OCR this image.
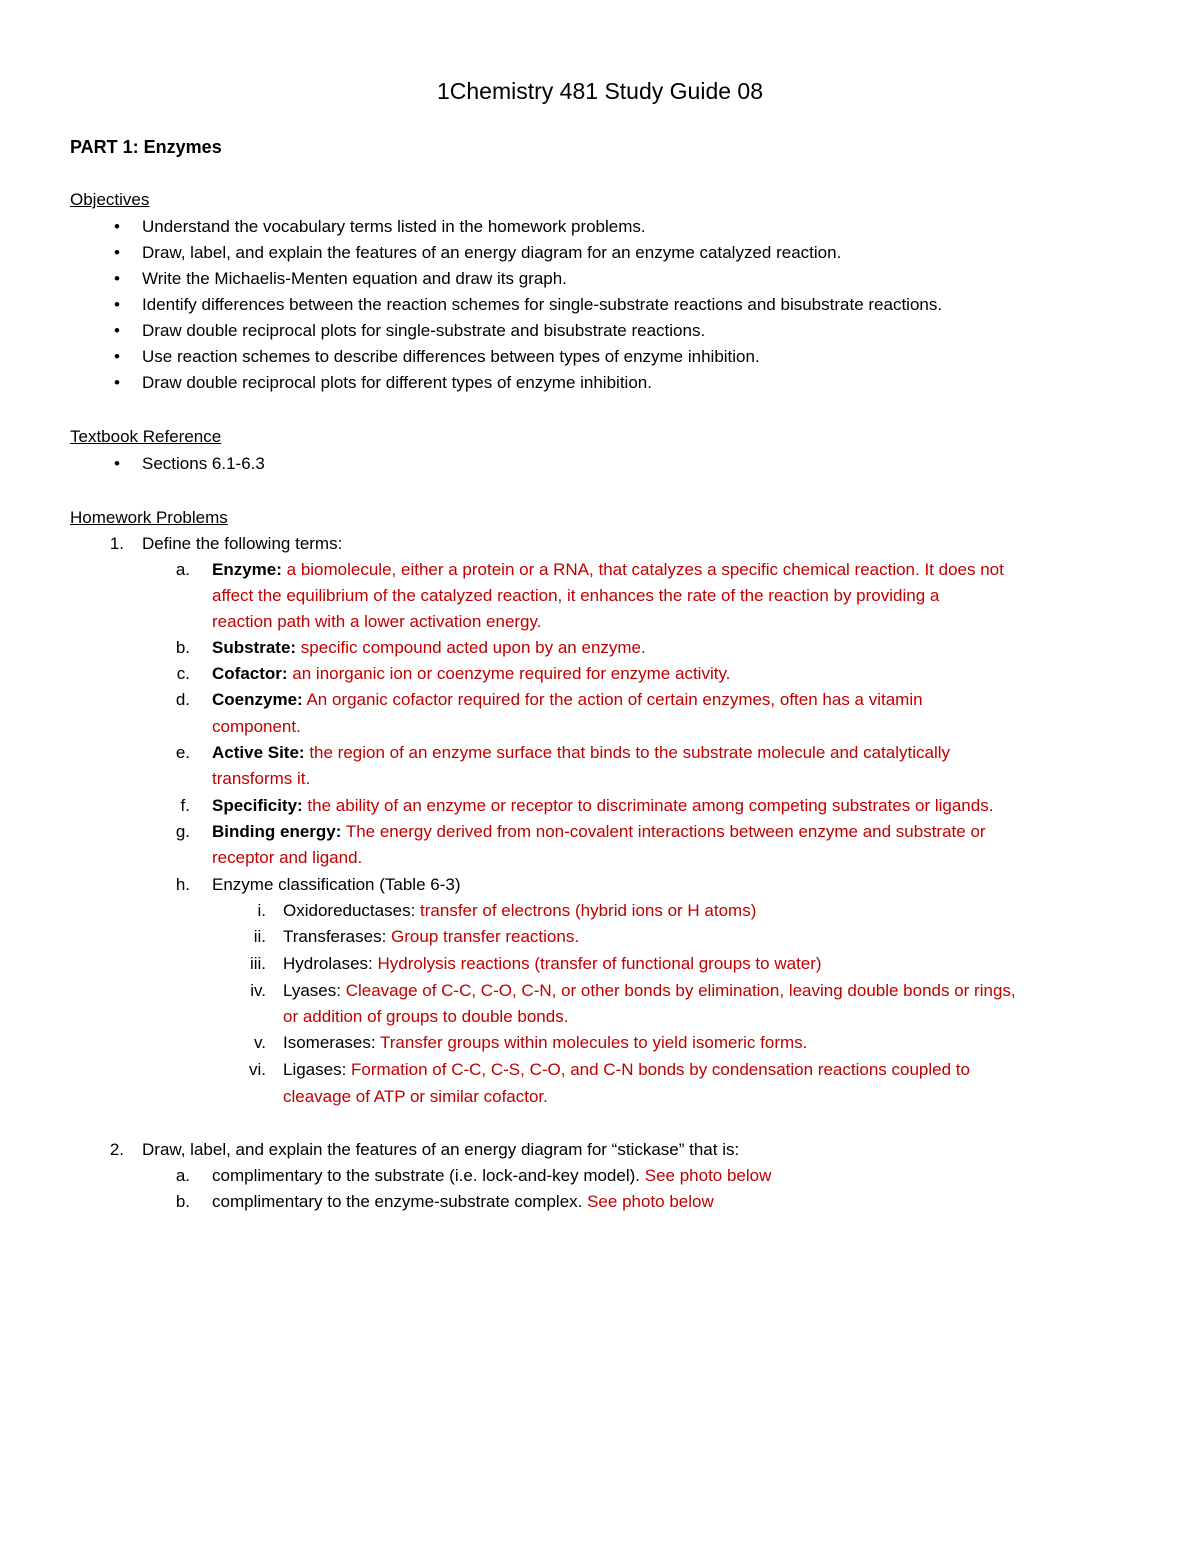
1Chemistry 481 Study Guide 08
PART 1: Enzymes
Objectives
• Understand the vocabulary terms listed in the homework problems.
• Draw, label, and explain the features of an energy diagram for an enzyme catalyzed reaction.
• Write the Michaelis-Menten equation and draw its graph.
• Identify differences between the reaction schemes for single-substrate reactions and bisubstrate reactions.
• Draw double reciprocal plots for single-substrate and bisubstrate reactions.
• Use reaction schemes to describe differences between types of enzyme inhibition.
• Draw double reciprocal plots for different types of enzyme inhibition.
Textbook Reference
• Sections 6.1-6.3
Homework Problems
1. Define the following terms:
a. Enzyme: a biomolecule, either a protein or a RNA, that catalyzes a specific chemical reaction. It does not
affect the equilibrium of the catalyzed reaction, it enhances the rate of the reaction by providing a
reaction path with a lower activation energy.
b. Substrate: specific compound acted upon by an enzyme.
c. Cofactor: an inorganic ion or coenzyme required for enzyme activity.
d. Coenzyme: An organic cofactor required for the action of certain enzymes, often has a vitamin
component.
e. Active Site: the region of an enzyme surface that binds to the substrate molecule and catalytically
transforms it.
f. Specificity: the ability of an enzyme or receptor to discriminate among competing substrates or ligands.
g. Binding energy: The energy derived from non-covalent interactions between enzyme and substrate or
receptor and ligand.
h. Enzyme classification (Table 6-3)
i. Oxidoreductases: transfer of electrons (hybrid ions or H atoms)
ii. Transferases: Group transfer reactions.
iii. Hydrolases: Hydrolysis reactions (transfer of functional groups to water)
iv. Lyases: Cleavage of C-C, C-O, C-N, or other bonds by elimination, leaving double bonds or rings,
or addition of groups to double bonds.
v. Isomerases: Transfer groups within molecules to yield isomeric forms.
vi. Ligases: Formation of C-C, C-S, C-O, and C-N bonds by condensation reactions coupled to
cleavage of ATP or similar cofactor.
2. Draw, label, and explain the features of an energy diagram for “stickase” that is:
a. complimentary to the substrate (i.e. lock-and-key model). See photo below
b. complimentary to the enzyme-substrate complex. See photo below
